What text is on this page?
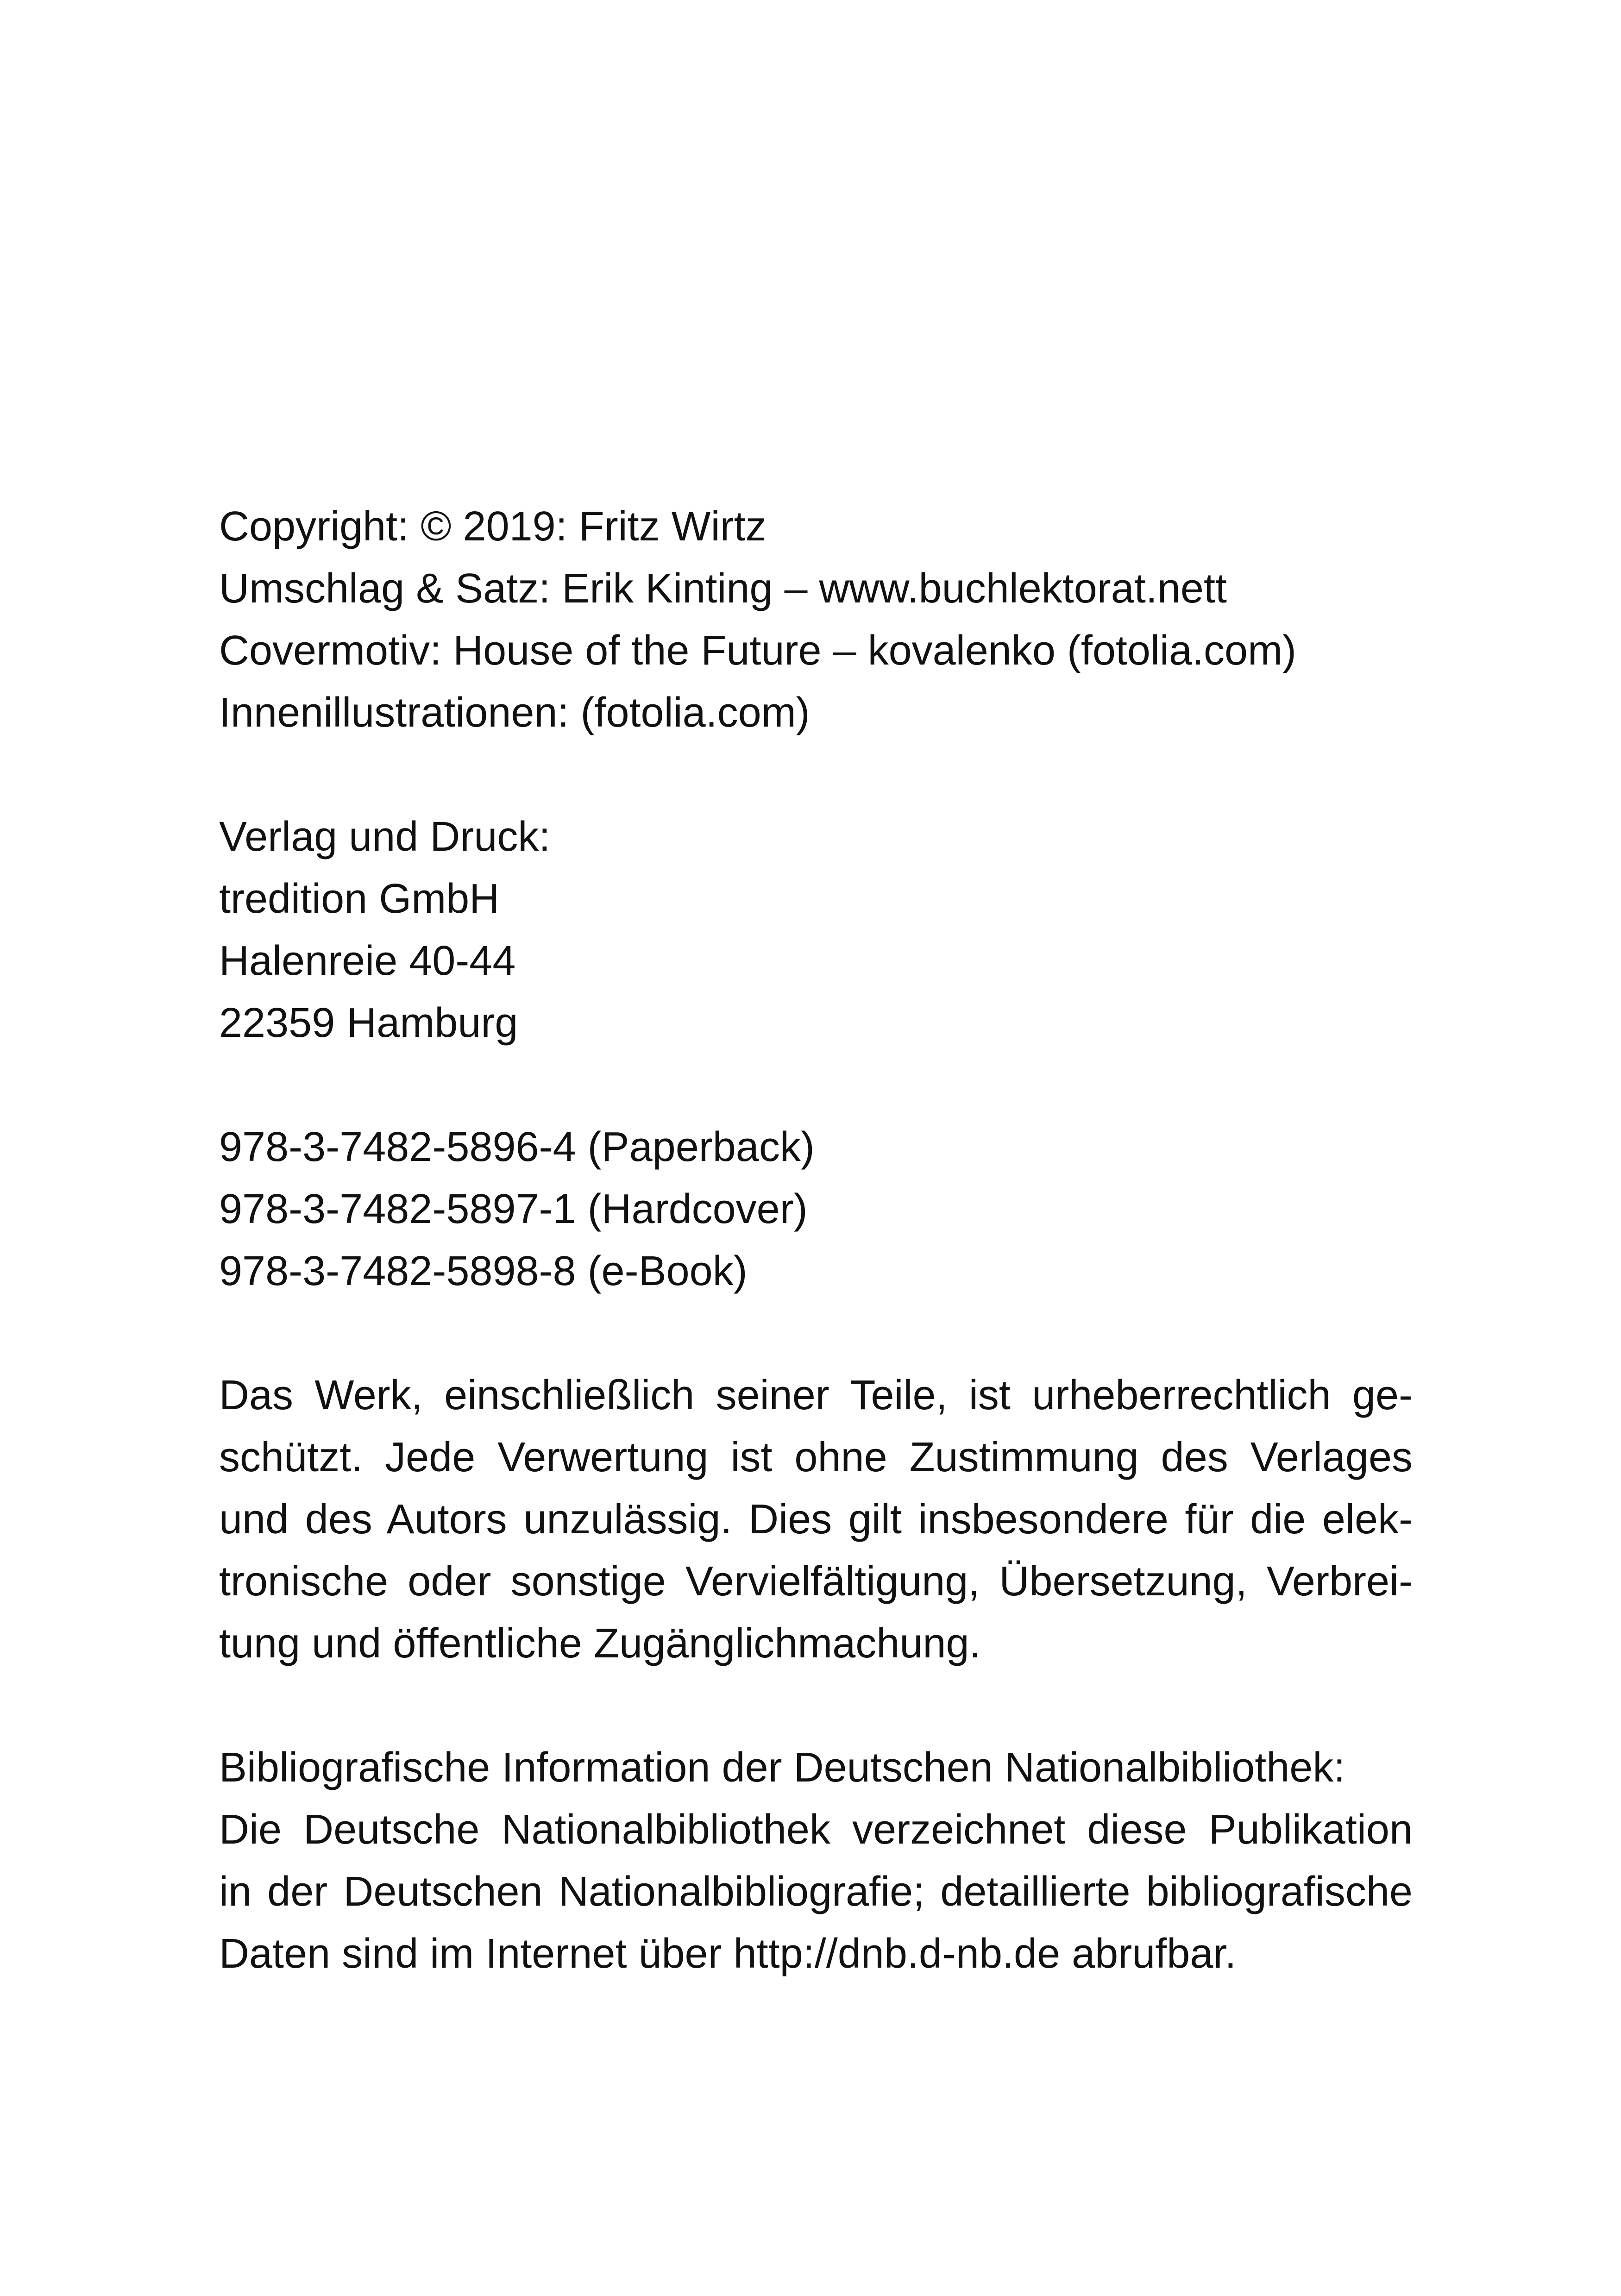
Copyright: © 2019: Fritz Wirtz
Umschlag & Satz: Erik Kinting – www.buchlektorat.nett
Covermotiv: House of the Future – kovalenko (fotolia.com)
Innenillustrationen: (fotolia.com)
Verlag und Druck:
tredition GmbH
Halenreie 40-44
22359 Hamburg
978-3-7482-5896-4 (Paperback)
978-3-7482-5897-1 (Hardcover)
978-3-7482-5898-8 (e-Book)
Das Werk, einschließlich seiner Teile, ist urheberrechtlich ge-
schützt. Jede Verwertung ist ohne Zustimmung des Verlages
und des Autors unzulässig. Dies gilt insbesondere für die elek-
tronische oder sonstige Vervielfältigung, Übersetzung, Verbrei-
tung und öffentliche Zugänglichmachung.
Bibliografische Information der Deutschen Nationalbibliothek:
Die Deutsche Nationalbibliothek verzeichnet diese Publikation
in der Deutschen Nationalbibliografie; detaillierte bibliografische
Daten sind im Internet über http://dnb.d-nb.de abrufbar.
